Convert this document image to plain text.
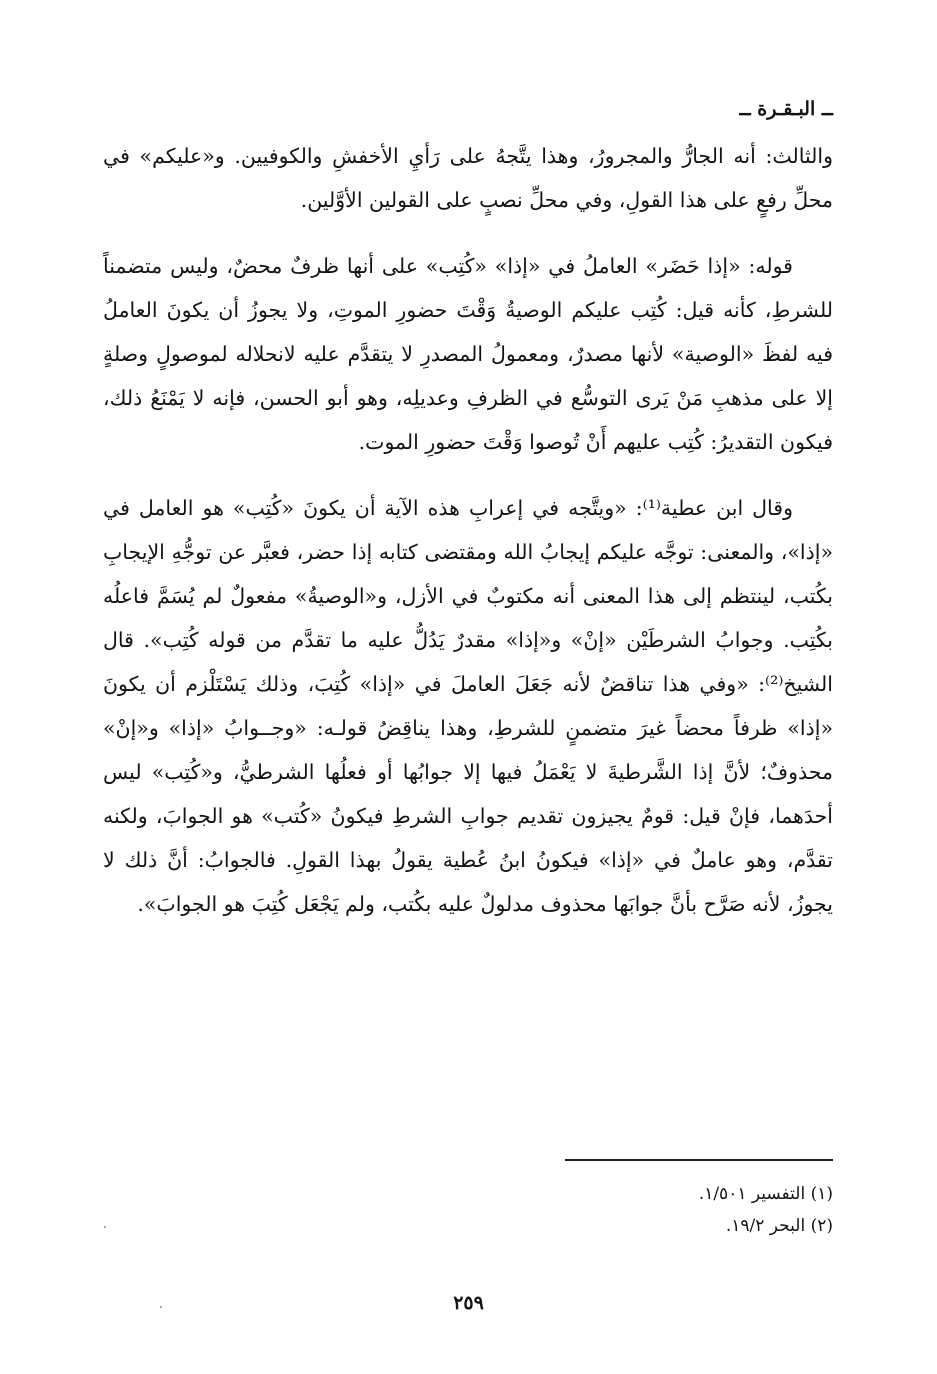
ــ البـقـرة ــ

والثالث: أنه الجارُّ والمجرورُ، وهذا يتَّجهُ على رَأيِ الأخفشِ والكوفيين. و«عليكم» في محلِّ رفعٍ على هذا القولِ، وفي محلِّ نصبٍ على القولين الأوَّلين.

قوله: «إذا حَضَر» العاملُ في «إذا» «كُتِب» على أنها ظرفٌ محضٌ، وليس متضمناً للشرطِ، كأنه قيل: كُتِب عليكم الوصيةُ وَقْتَ حضورِ الموتِ، ولا يجوزُ أن يكونَ العاملُ فيه لفظَ «الوصية» لأنها مصدرٌ، ومعمولُ المصدرِ لا يتقدَّم عليه لانحلاله لموصولٍ وصلةٍ إلا على مذهبِ مَنْ يَرى التوسُّع في الظرفِ وعديلِه، وهو أبو الحسن، فإنه لا يَمْنَعُ ذلك، فيكون التقديرُ: كُتِب عليهم أَنْ تُوصوا وَقْتَ حضورِ الموت.

وقال ابن عطية⁽¹⁾: «ويتَّجه في إعرابِ هذه الآية أن يكونَ «كُتِب» هو العامل في «إذا»، والمعنى: توجَّه عليكم إيجابُ الله ومقتضى كتابه إذا حضر، فعبَّر عن توجُّهِ الإيجابِ بكُتب، لينتظم إلى هذا المعنى أنه مكتوبٌ في الأزل، و«الوصيةُ» مفعولٌ لم يُسَمَّ فاعلُه بكُتِب. وجوابُ الشرطَيْن «إنْ» و«إذا» مقدرٌ يَدُلُّ عليه ما تقدَّم من قوله كُتِب». قال الشيخ⁽²⁾: «وفي هذا تناقضٌ لأنه جَعَلَ العاملَ في «إذا» كُتِبَ، وذلك يَسْتَلْزم أن يكونَ «إذا» ظرفاً محضاً غيرَ متضمنٍ للشرطِ، وهذا يناقِضُ قولـه: «وجــوابُ «إذا» و«إنْ» محذوفٌ؛ لأنَّ إذا الشَّرطيةَ لا يَعْمَلُ فيها إلا جوابُها أو فعلُها الشرطيُّ، و«كُتِب» ليس أحدَهما، فإنْ قيل: قومٌ يجيزون تقديم جوابِ الشرطِ فيكونُ «كُتب» هو الجوابَ، ولكنه تقدَّم، وهو عاملٌ في «إذا» فيكونُ ابنُ عُطية يقولُ بهذا القولِ. فالجوابُ: أنَّ ذلك لا يجوزُ، لأنه صَرَّح بأنَّ جوابَها محذوف مدلولٌ عليه بكُتب، ولم يَجْعَل كُتِبَ هو الجوابَ».

(١) التفسير ١/٥٠١.
(٢) البحر ١٩/٢.
٢٥٩
